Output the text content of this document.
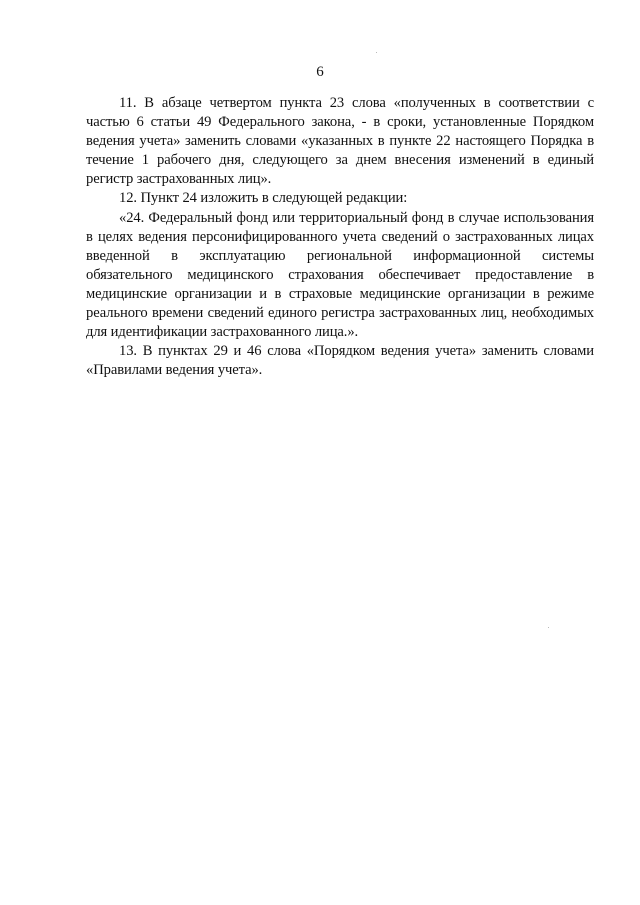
6

11. В абзаце четвертом пункта 23 слова «полученных в соответствии с частью 6 статьи 49 Федерального закона, - в сроки, установленные Порядком ведения учета» заменить словами «указанных в пункте 22 настоящего Порядка в течение 1 рабочего дня, следующего за днем внесения изменений в единый регистр застрахованных лиц».

12. Пункт 24 изложить в следующей редакции:

«24. Федеральный фонд или территориальный фонд в случае использования в целях ведения персонифицированного учета сведений о застрахованных лицах введенной в эксплуатацию региональной информационной системы обязательного медицинского страхования обеспечивает предоставление в медицинские организации и в страховые медицинские организации в режиме реального времени сведений единого регистра застрахованных лиц, необходимых для идентификации застрахованного лица.».

13. В пунктах 29 и 46 слова «Порядком ведения учета» заменить словами «Правилами ведения учета».
